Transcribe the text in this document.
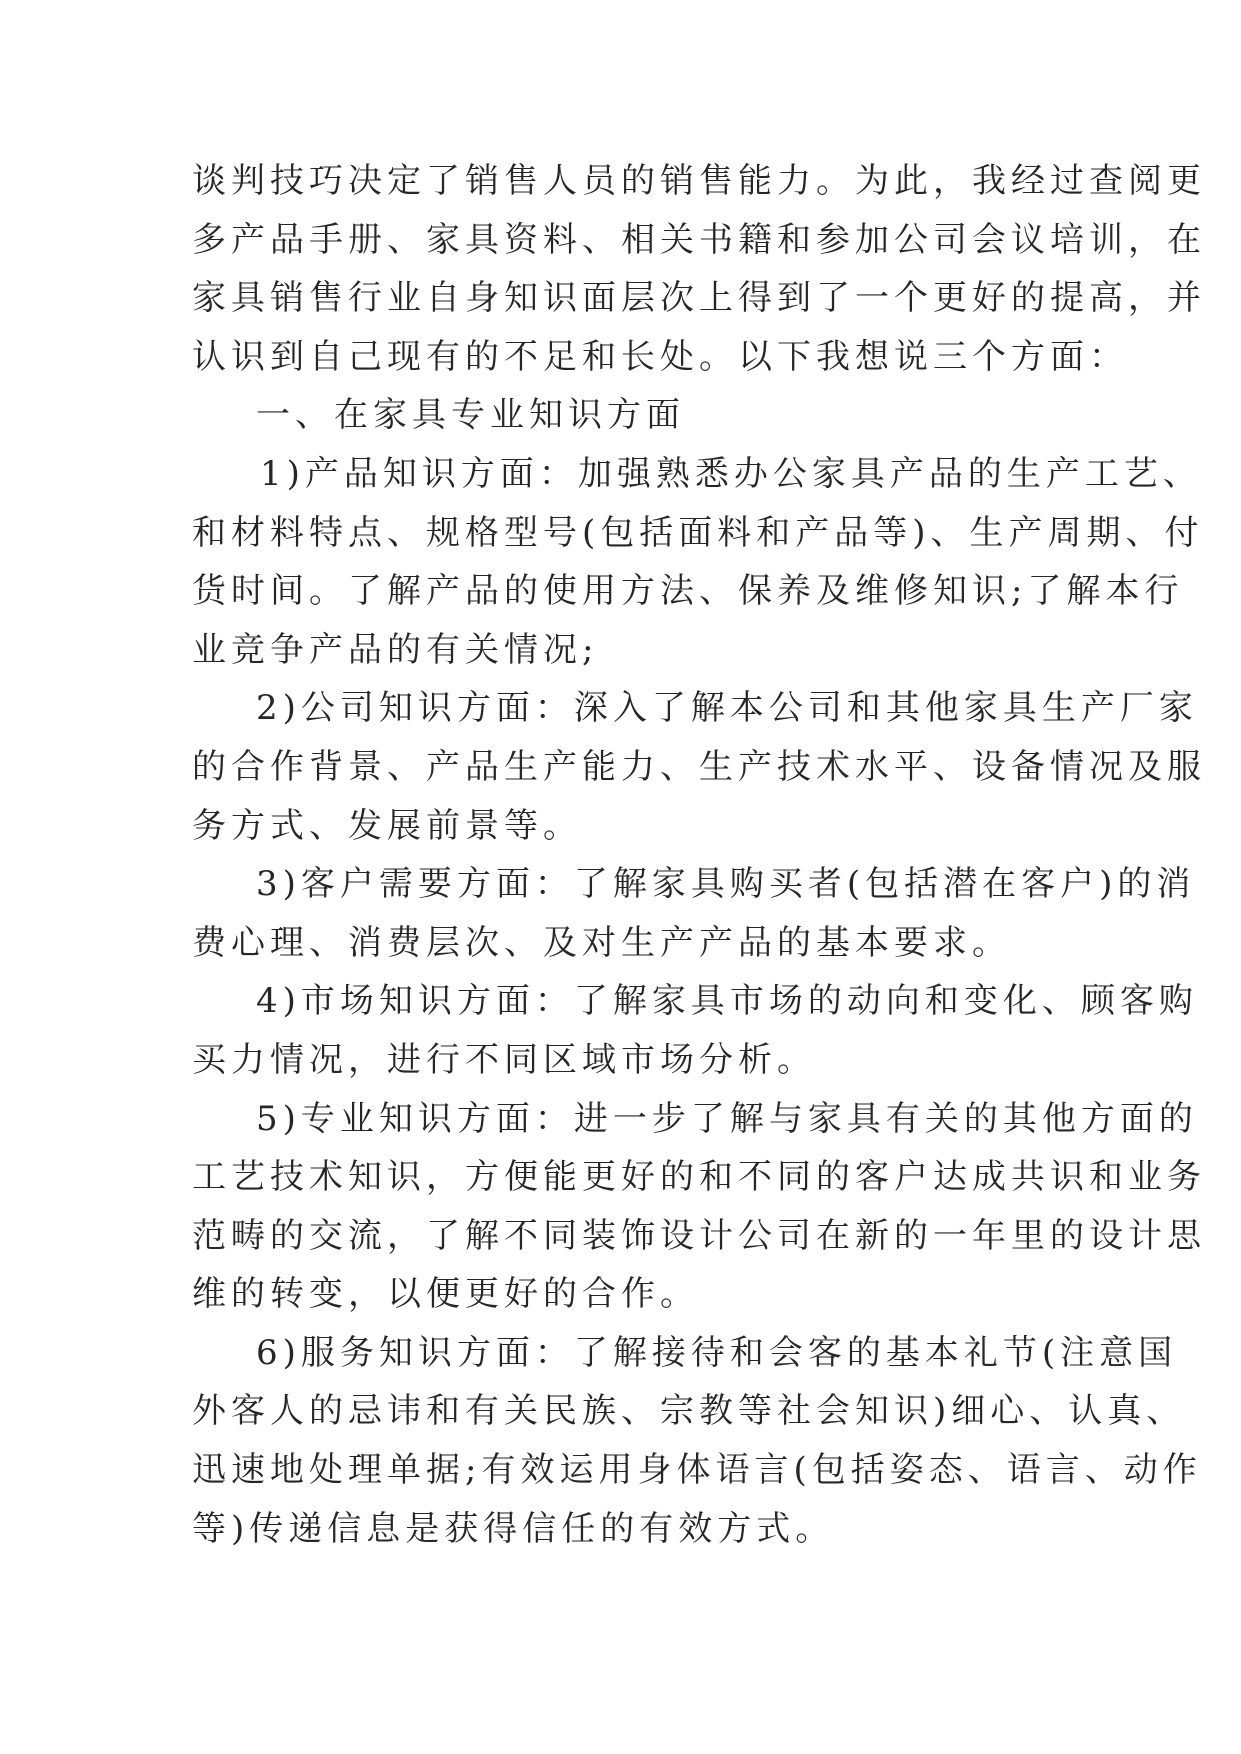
谈判技巧决定了销售人员的销售能力。为此，我经过查阅更
多产品手册、家具资料、相关书籍和参加公司会议培训，在
家具销售行业自身知识面层次上得到了一个更好的提高，并
认识到自己现有的不足和长处。以下我想说三个方面：
一、在家具专业知识方面
1)产品知识方面：加强熟悉办公家具产品的生产工艺、
和材料特点、规格型号(包括面料和产品等)、生产周期、付
货时间。了解产品的使用方法、保养及维修知识;了解本行
业竞争产品的有关情况;
2)公司知识方面：深入了解本公司和其他家具生产厂家
的合作背景、产品生产能力、生产技术水平、设备情况及服
务方式、发展前景等。
3)客户需要方面：了解家具购买者(包括潜在客户)的消
费心理、消费层次、及对生产产品的基本要求。
4)市场知识方面：了解家具市场的动向和变化、顾客购
买力情况，进行不同区域市场分析。
5)专业知识方面：进一步了解与家具有关的其他方面的
工艺技术知识，方便能更好的和不同的客户达成共识和业务
范畴的交流，了解不同装饰设计公司在新的一年里的设计思
维的转变，以便更好的合作。
6)服务知识方面：了解接待和会客的基本礼节(注意国
外客人的忌讳和有关民族、宗教等社会知识)细心、认真、
迅速地处理单据;有效运用身体语言(包括姿态、语言、动作
等)传递信息是获得信任的有效方式。
